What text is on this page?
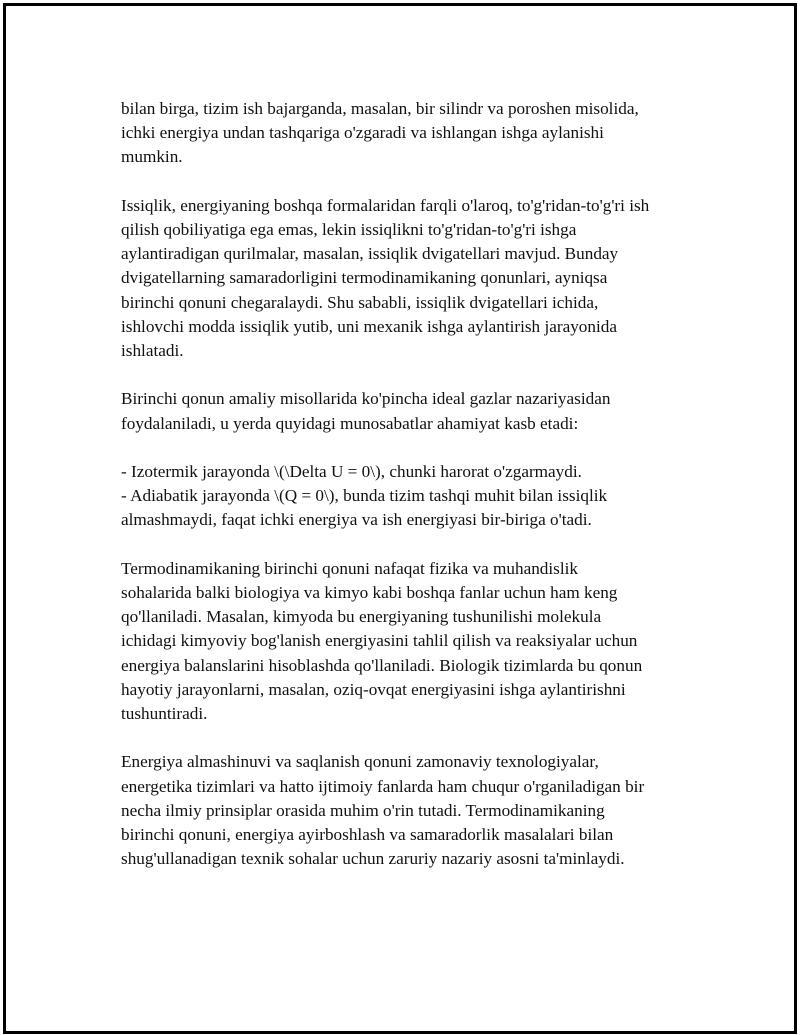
bilan birga, tizim ish bajarganda, masalan, bir silindr va poroshen misolida,
ichki energiya undan tashqariga o'zgaradi va ishlangan ishga aylanishi
mumkin.

Issiqlik, energiyaning boshqa formalaridan farqli o'laroq, to'g'ridan-to'g'ri ish
qilish qobiliyatiga ega emas, lekin issiqlikni to'g'ridan-to'g'ri ishga
aylantiradigan qurilmalar, masalan, issiqlik dvigatellari mavjud. Bunday
dvigatellarning samaradorligini termodinamikaning qonunlari, ayniqsa
birinchi qonuni chegaralaydi. Shu sababli, issiqlik dvigatellari ichida,
ishlovchi modda issiqlik yutib, uni mexanik ishga aylantirish jarayonida
ishlatadi.

Birinchi qonun amaliy misollarida ko'pincha ideal gazlar nazariyasidan
foydalaniladi, u yerda quyidagi munosabatlar ahamiyat kasb etadi:

- Izotermik jarayonda \(\Delta U = 0\), chunki harorat o'zgarmaydi.
- Adiabatik jarayonda \(Q = 0\), bunda tizim tashqi muhit bilan issiqlik
almashmaydi, faqat ichki energiya va ish energiyasi bir-biriga o'tadi.

Termodinamikaning birinchi qonuni nafaqat fizika va muhandislik
sohalarida balki biologiya va kimyo kabi boshqa fanlar uchun ham keng
qo'llaniladi. Masalan, kimyoda bu energiyaning tushunilishi molekula
ichidagi kimyoviy bog'lanish energiyasini tahlil qilish va reaksiyalar uchun
energiya balanslarini hisoblashda qo'llaniladi. Biologik tizimlarda bu qonun
hayotiy jarayonlarni, masalan, oziq-ovqat energiyasini ishga aylantirishni
tushuntiradi.

Energiya almashinuvi va saqlanish qonuni zamonaviy texnologiyalar,
energetika tizimlari va hatto ijtimoiy fanlarda ham chuqur o'rganiladigan bir
necha ilmiy prinsiplar orasida muhim o'rin tutadi. Termodinamikaning
birinchi qonuni, energiya ayirboshlash va samaradorlik masalalari bilan
shug'ullanadigan texnik sohalar uchun zaruriy nazariy asosni ta'minlaydi.
